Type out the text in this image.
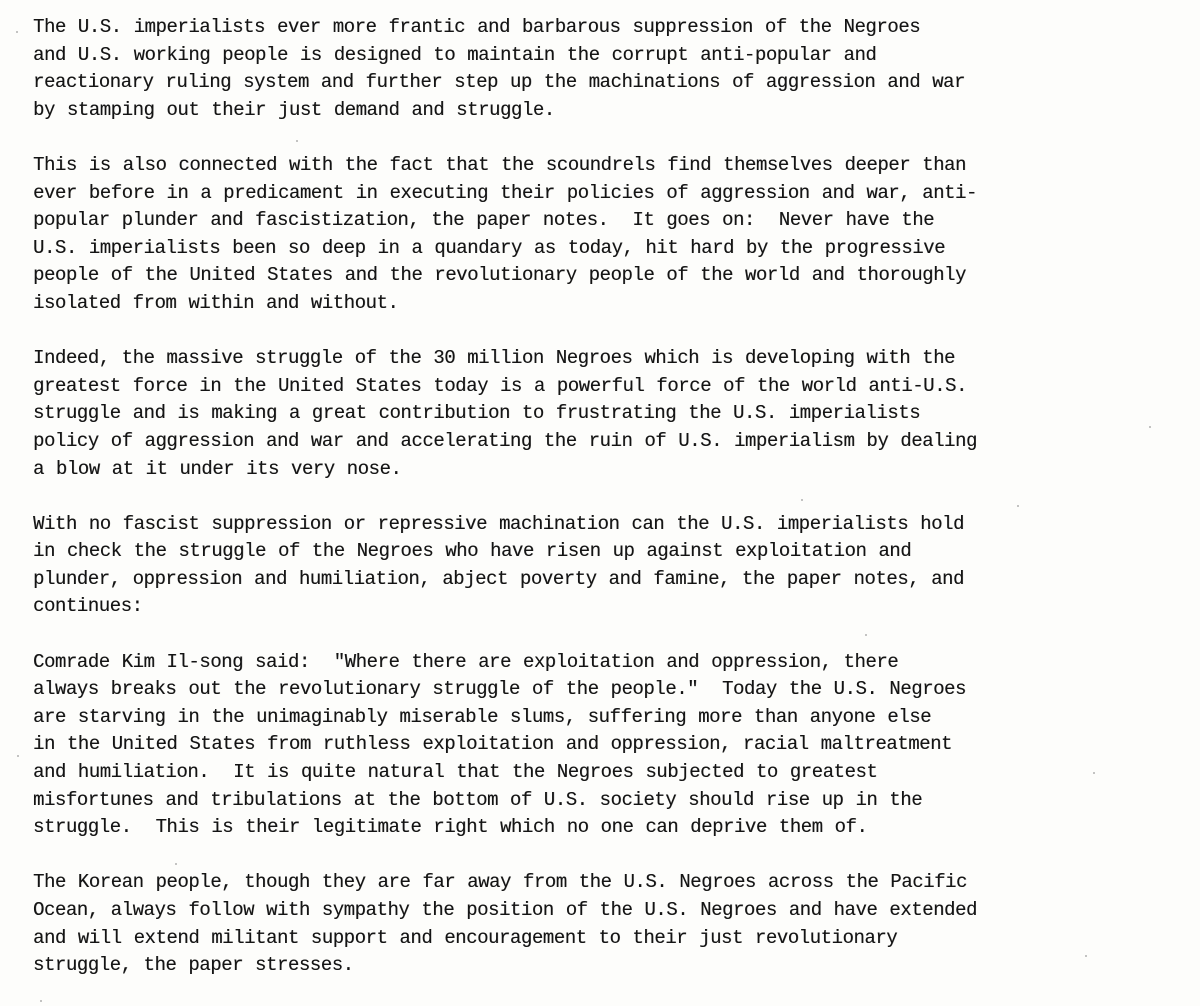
The U.S. imperialists ever more frantic and barbarous suppression of the Negroes
and U.S. working people is designed to maintain the corrupt anti-popular and
reactionary ruling system and further step up the machinations of aggression and war
by stamping out their just demand and struggle.
This is also connected with the fact that the scoundrels find themselves deeper than
ever before in a predicament in executing their policies of aggression and war, anti-
popular plunder and fascistization, the paper notes.  It goes on:  Never have the
U.S. imperialists been so deep in a quandary as today, hit hard by the progressive
people of the United States and the revolutionary people of the world and thoroughly
isolated from within and without.
Indeed, the massive struggle of the 30 million Negroes which is developing with the
greatest force in the United States today is a powerful force of the world anti-U.S.
struggle and is making a great contribution to frustrating the U.S. imperialists
policy of aggression and war and accelerating the ruin of U.S. imperialism by dealing
a blow at it under its very nose.
With no fascist suppression or repressive machination can the U.S. imperialists hold
in check the struggle of the Negroes who have risen up against exploitation and
plunder, oppression and humiliation, abject poverty and famine, the paper notes, and
continues:
Comrade Kim Il-song said:  "Where there are exploitation and oppression, there
always breaks out the revolutionary struggle of the people."  Today the U.S. Negroes
are starving in the unimaginably miserable slums, suffering more than anyone else
in the United States from ruthless exploitation and oppression, racial maltreatment
and humiliation.  It is quite natural that the Negroes subjected to greatest
misfortunes and tribulations at the bottom of U.S. society should rise up in the
struggle.  This is their legitimate right which no one can deprive them of.
The Korean people, though they are far away from the U.S. Negroes across the Pacific
Ocean, always follow with sympathy the position of the U.S. Negroes and have extended
and will extend militant support and encouragement to their just revolutionary
struggle, the paper stresses.
